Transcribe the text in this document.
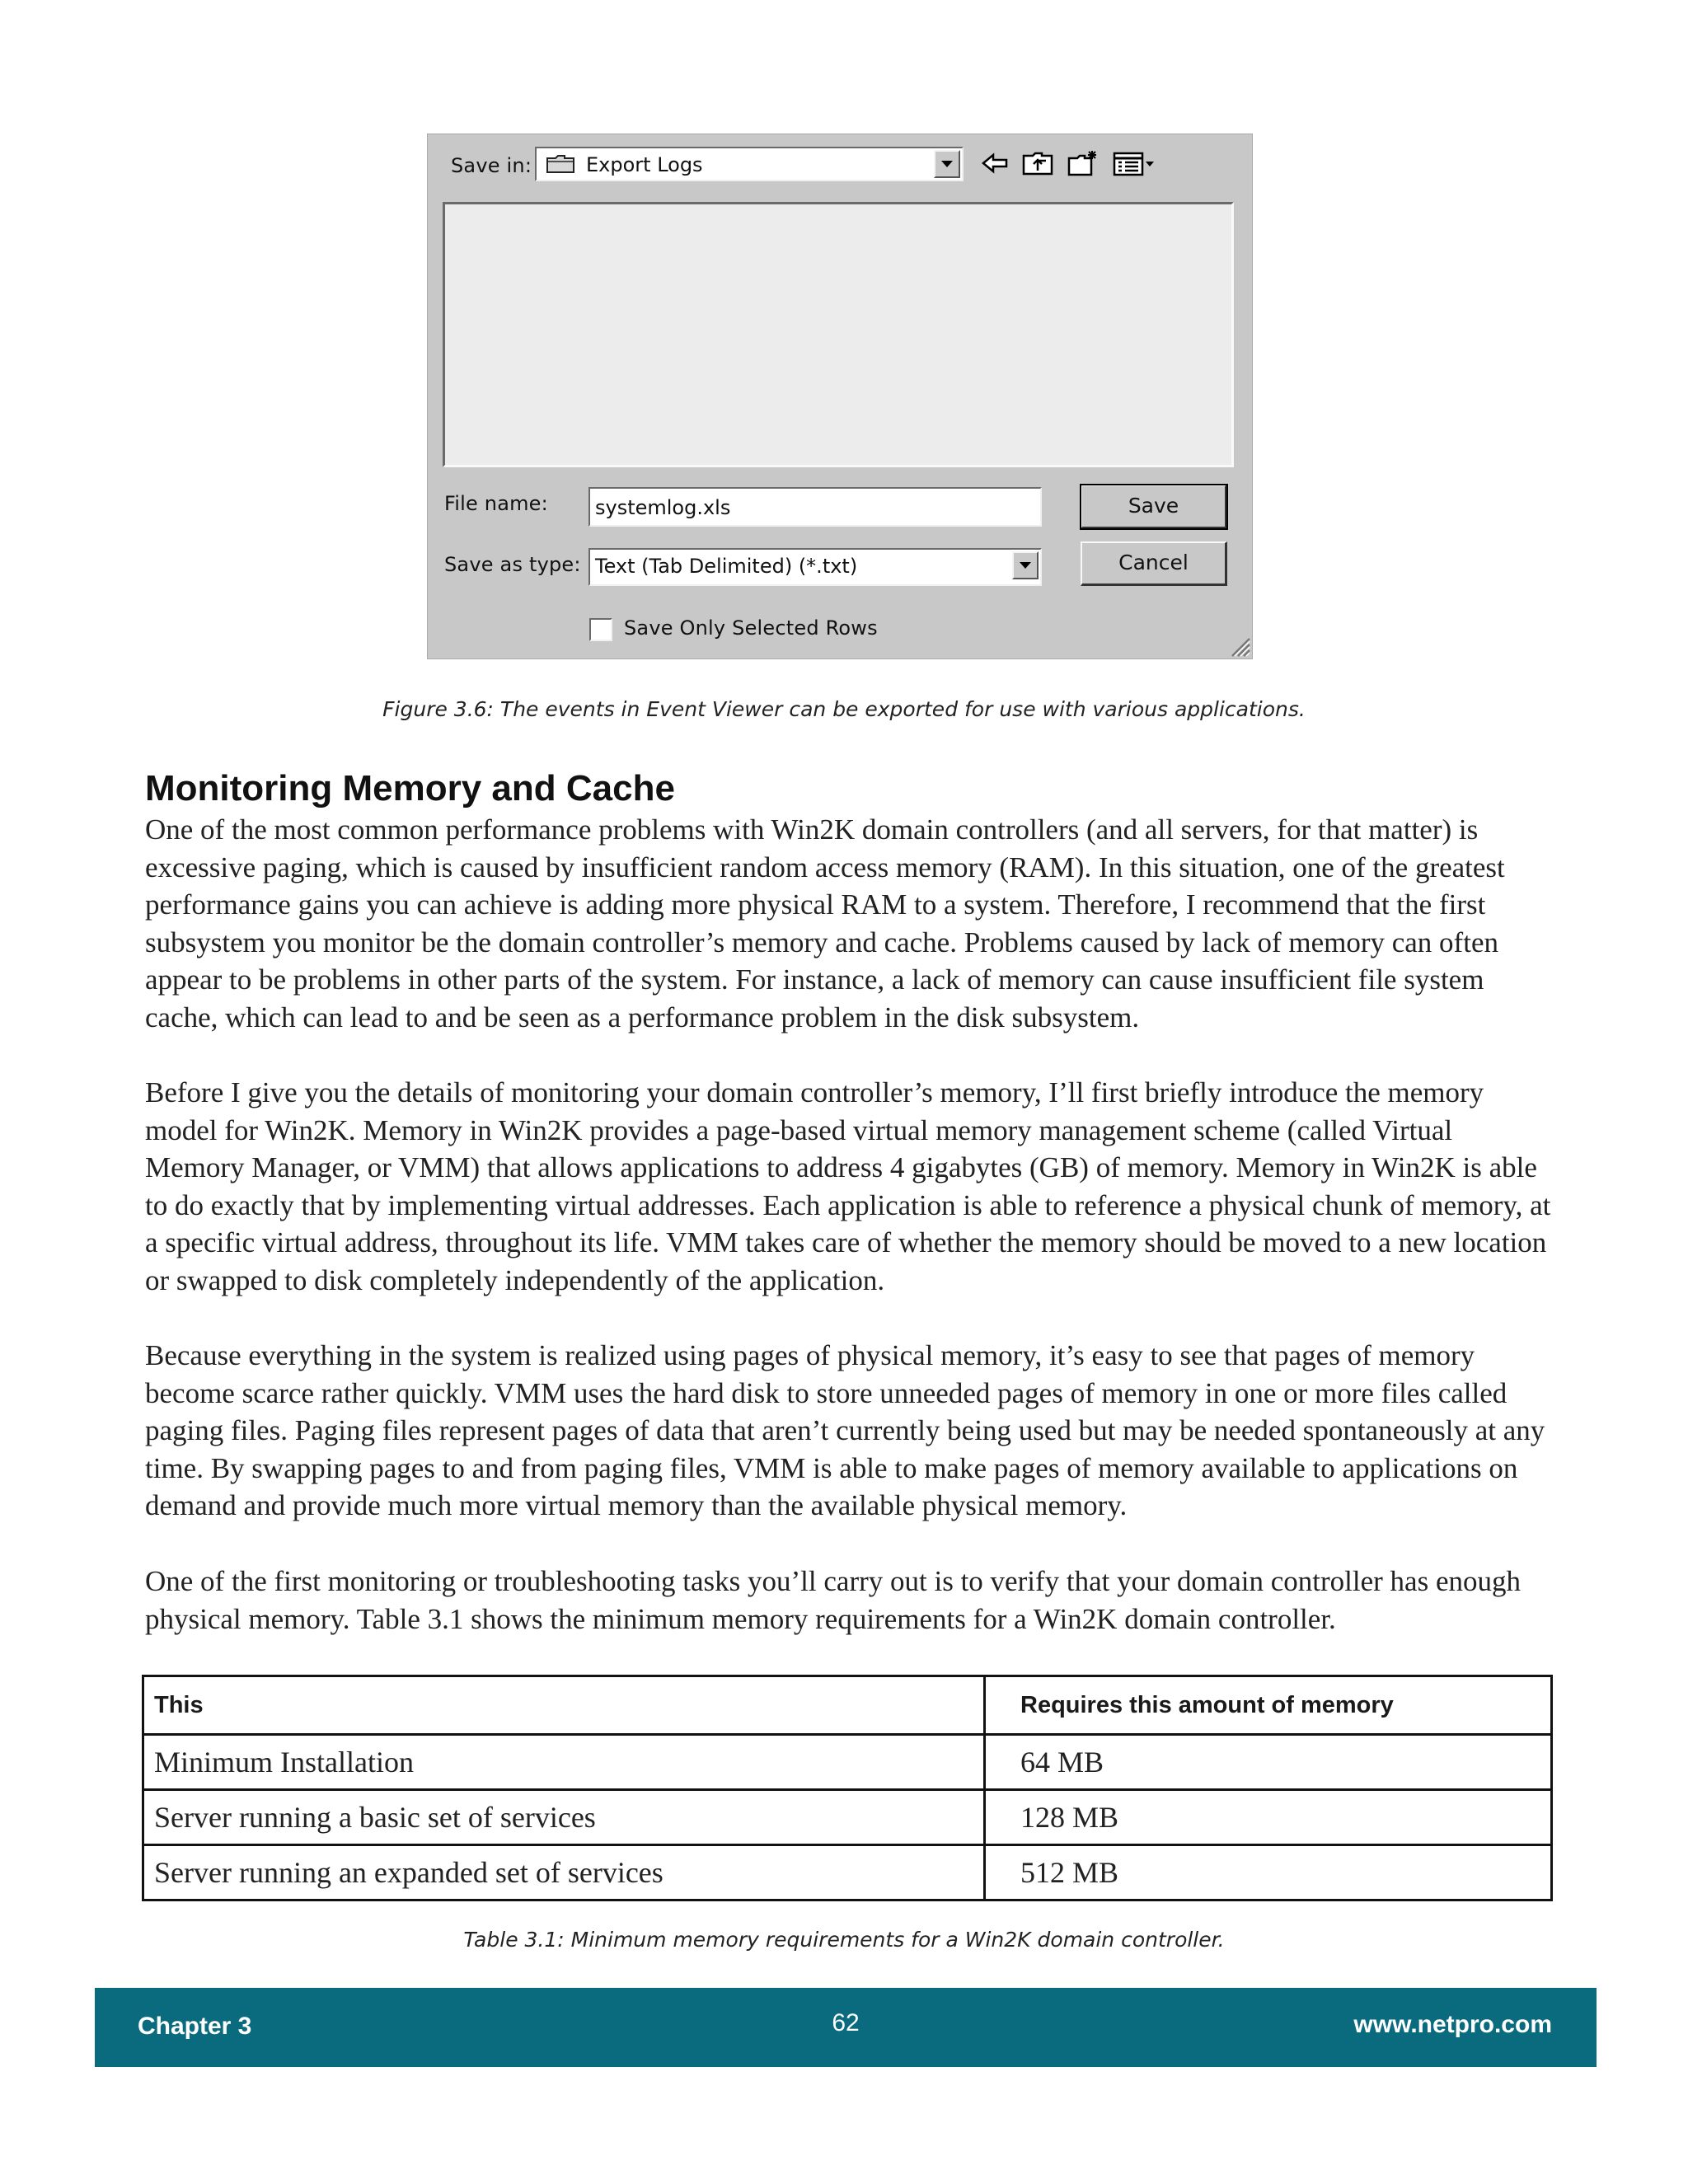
Save in:	Export Logs
File name:	systemlog.xls
Save as type: Text (Tab Delimited) (*.txt)
Save
Cancel
Save Only Selected Rows
Figure 3.6: The events in Event Viewer can be exported for use with various applications.
Monitoring Memory and Cache

One of the most common performance problems with Win2K domain controllers (and all servers, for that matter) is excessive paging, which is caused by insufficient random access memory (RAM). In this situation, one of the greatest performance gains you can achieve is adding more physical RAM to a system. Therefore, I recommend that the first subsystem you monitor be the domain controller’s memory and cache. Problems caused by lack of memory can often appear to be problems in other parts of the system. For instance, a lack of memory can cause insufficient file system cache, which can lead to and be seen as a performance problem in the disk subsystem.

Before I give you the details of monitoring your domain controller’s memory, I’ll first briefly introduce the memory model for Win2K. Memory in Win2K provides a page-based virtual memory management scheme (called Virtual Memory Manager, or VMM) that allows applications to address 4 gigabytes (GB) of memory. Memory in Win2K is able to do exactly that by implementing virtual addresses. Each application is able to reference a physical chunk of memory, at a specific virtual address, throughout its life. VMM takes care of whether the memory should be moved to a new location or swapped to disk completely independently of the application.

Because everything in the system is realized using pages of physical memory, it’s easy to see that pages of memory become scarce rather quickly. VMM uses the hard disk to store unneeded pages of memory in one or more files called paging files. Paging files represent pages of data that aren’t currently being used but may be needed spontaneously at any time. By swapping pages to and from paging files, VMM is able to make pages of memory available to applications on demand and provide much more virtual memory than the available physical memory.

One of the first monitoring or troubleshooting tasks you’ll carry out is to verify that your domain controller has enough physical memory. Table 3.1 shows the minimum memory requirements for a Win2K domain controller.

This	Requires this amount of memory
Minimum Installation	64 MB
Server running a basic set of services	128 MB
Server running an expanded set of services	512 MB
Table 3.1: Minimum memory requirements for a Win2K domain controller.
Chapter 3	62	www.netpro.com
